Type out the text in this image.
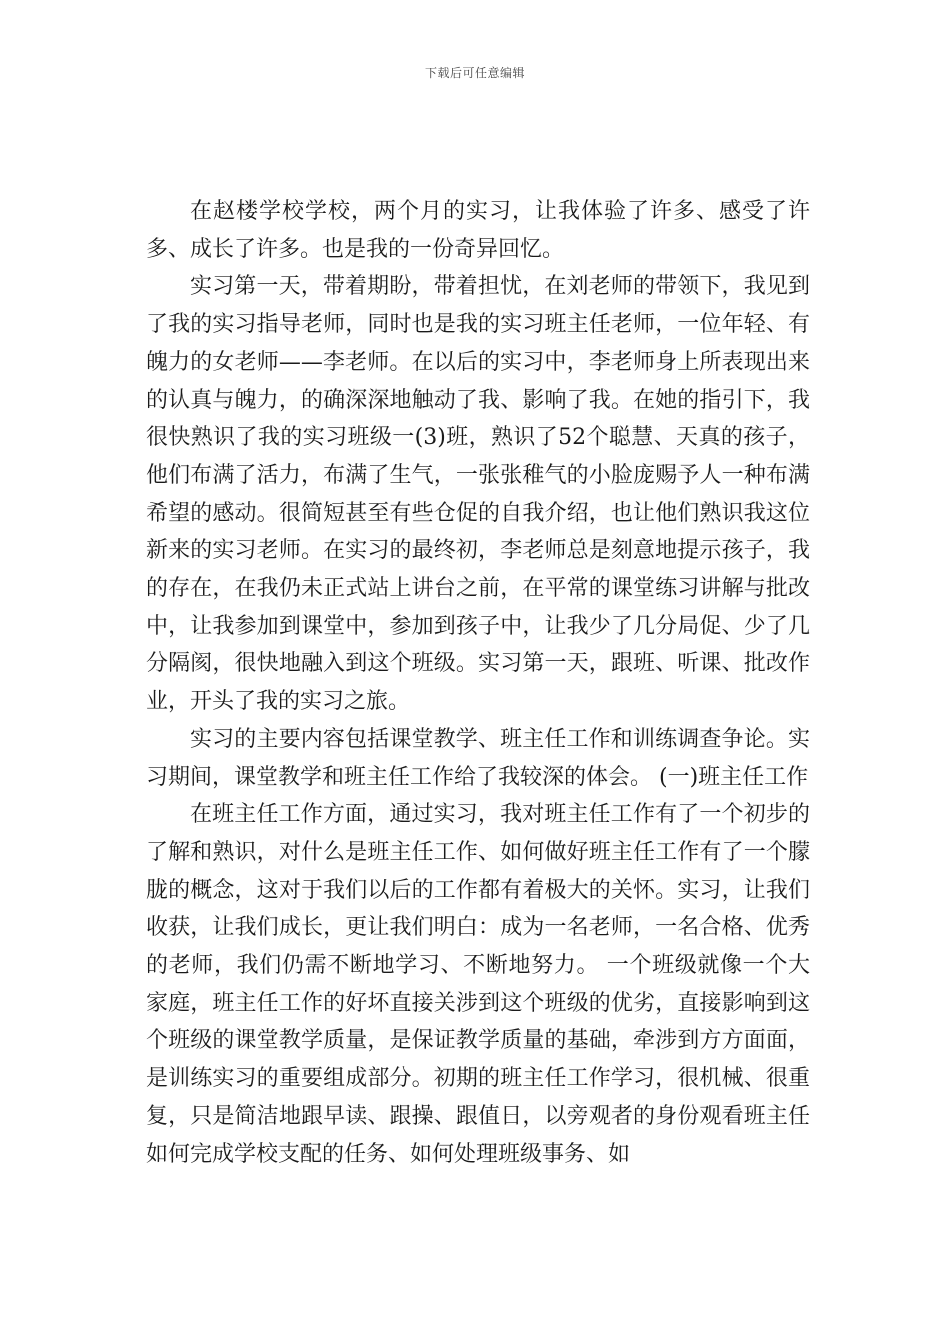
下载后可任意编辑

在赵楼学校学校，两个月的实习，让我体验了许多、感受了许多、成长了许多。也是我的一份奇异回忆。

实习第一天，带着期盼，带着担忧，在刘老师的带领下，我见到了我的实习指导老师，同时也是我的实习班主任老师，一位年轻、有魄力的女老师——李老师。在以后的实习中，李老师身上所表现出来的认真与魄力，的确深深地触动了我、影响了我。在她的指引下，我很快熟识了我的实习班级一(3)班，熟识了52个聪慧、天真的孩子，他们布满了活力，布满了生气，一张张稚气的小脸庞赐予人一种布满希望的感动。很简短甚至有些仓促的自我介绍，也让他们熟识我这位新来的实习老师。在实习的最终初，李老师总是刻意地提示孩子，我的存在，在我仍未正式站上讲台之前，在平常的课堂练习讲解与批改中，让我参加到课堂中，参加到孩子中，让我少了几分局促、少了几分隔阂，很快地融入到这个班级。实习第一天，跟班、听课、批改作业，开头了我的实习之旅。

实习的主要内容包括课堂教学、班主任工作和训练调查争论。实习期间，课堂教学和班主任工作给了我较深的体会。 (一)班主任工作

在班主任工作方面，通过实习，我对班主任工作有了一个初步的了解和熟识，对什么是班主任工作、如何做好班主任工作有了一个朦胧的概念，这对于我们以后的工作都有着极大的关怀。实习，让我们收获，让我们成长，更让我们明白：成为一名老师，一名合格、优秀的老师，我们仍需不断地学习、不断地努力。 一个班级就像一个大家庭，班主任工作的好坏直接关涉到这个班级的优劣，直接影响到这个班级的课堂教学质量，是保证教学质量的基础，牵涉到方方面面，是训练实习的重要组成部分。初期的班主任工作学习，很机械、很重复，只是简洁地跟早读、跟操、跟值日，以旁观者的身份观看班主任如何完成学校支配的任务、如何处理班级事务、如
